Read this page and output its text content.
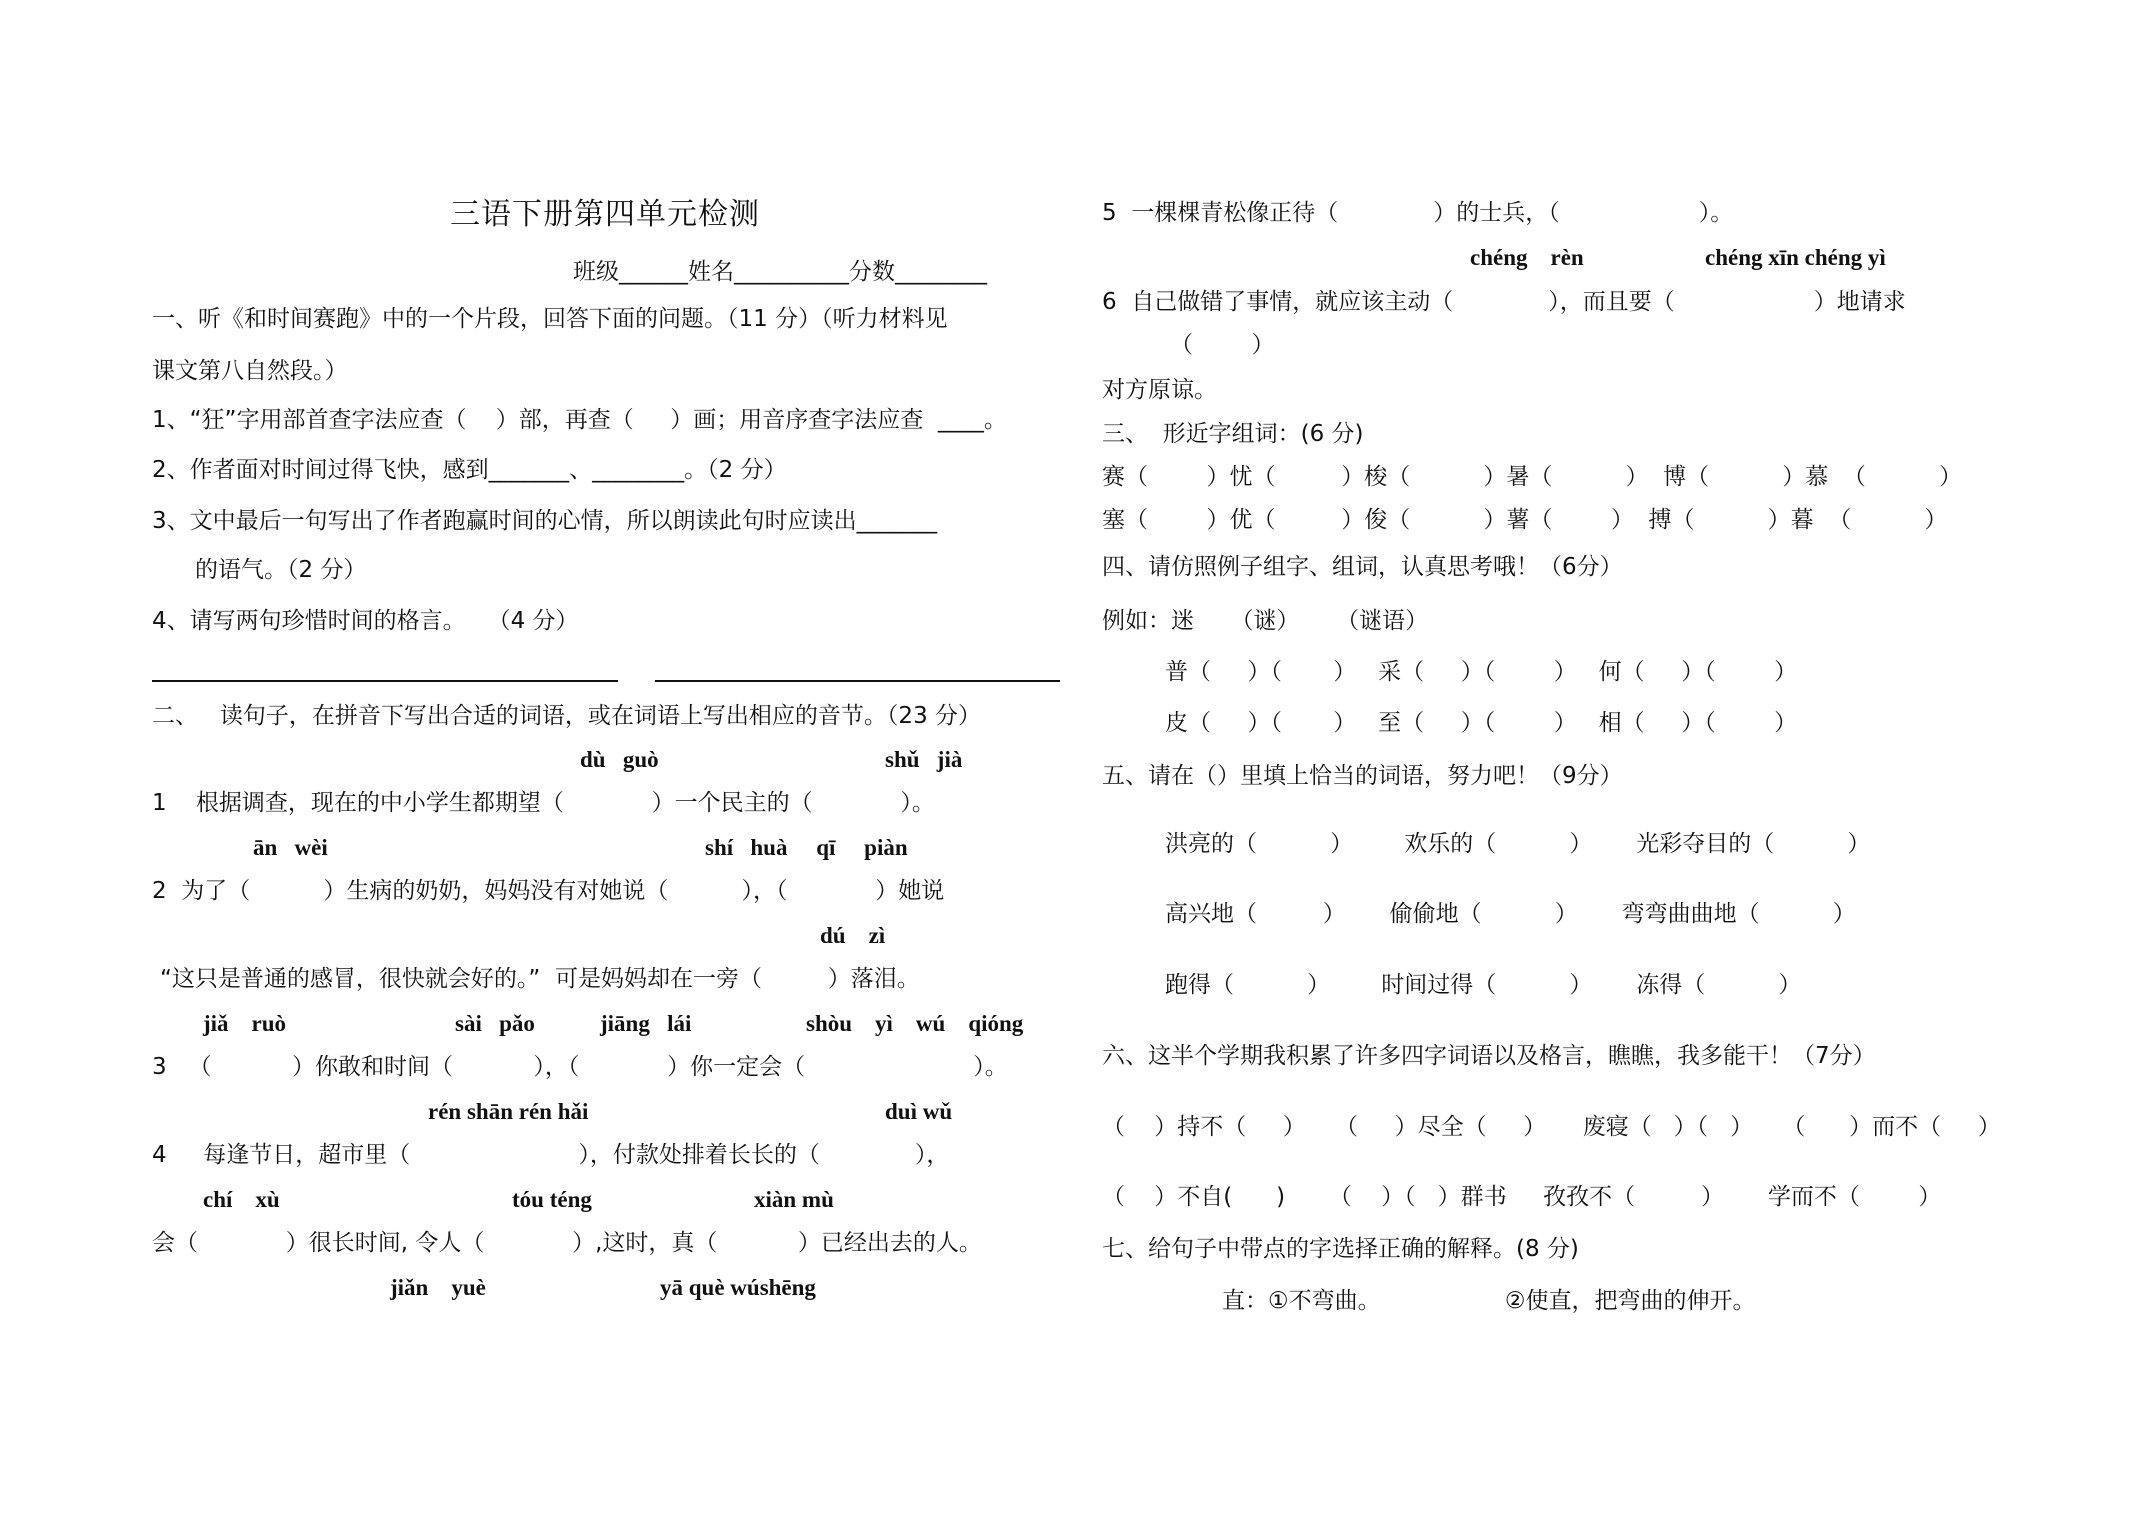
三语下册第四单元检测
班级______姓名__________分数________
一、听《和时间赛跑》中的一个片段，回答下面的问题。（11 分）（听力材料见
课文第八自然段。）
1、“狂”字用部首查字法应查（    ）部，再查（     ）画；用音序查字法应查  ____。
2、作者面对时间过得飞快，感到_______、________。（2 分）
3、文中最后一句写出了作者跑赢时间的心情，所以朗读此句时应读出_______
的语气。（2 分）
4、请写两句珍惜时间的格言。   （4 分）
二、   读句子，在拼音下写出合适的词语，或在词语上写出相应的音节。（23 分）
dù   guò	shǔ   jià
1    根据调查，现在的中小学生都期望（            ）一个民主的（            ）。
ān   wèi	shí   huà     qī     piàn
2  为了（          ）生病的奶奶，妈妈没有对她说（          ），（            ）她说
dú    zì
“这只是普通的感冒，很快就会好的。”  可是妈妈却在一旁（         ）落泪。
jiǎ    ruò	sài   pǎo	jiāng   lái	shòu    yì    wú    qióng
3   （           ）你敢和时间（           ），（            ）你一定会（                       ）。
rén shān rén hǎi	duì wǔ
4     每逢节日，超市里（                       ），付款处排着长长的（             ），
chí    xù	tóu téng	xiàn mù
会（            ）很长时间, 令人（            ）,这时，真（           ）已经出去的人。
jiǎn    yuè	yā què wúshēng
5  一棵棵青松像正待（             ）的士兵，（                   ）。
chéng    rèn	chéng xīn chéng yì
6  自己做错了事情，就应该主动（             ），而且要（                   ）地请求
（        ）
对方原谅。
三、  形近字组词：(6 分)
赛（        ）忧（         ）梭（          ）暑（          ）  博（          ）慕  （          ）
塞（        ）优（         ）俊（          ）薯（        ）  搏（          ）暮  （          ）
四、请仿照例子组字、组词，认真思考哦！（6分）
例如：迷     （谜）     （谜语）
普（     ）（       ）   采（     ）（        ）   何（     ）（        ）
皮（     ）（       ）   至（     ）（        ）   相（     ）（        ）
五、请在（）里填上恰当的词语，努力吧！（9分）
洪亮的（          ）       欢乐的（          ）      光彩夺目的（          ）
高兴地（         ）      偷偷地（          ）      弯弯曲曲地（          ）
跑得（          ）       时间过得（          ）      冻得（          ）
六、这半个学期我积累了许多四字词语以及格言，瞧瞧，我多能干！（7分）
（    ）持不（     ）    （     ）尽全（     ）     废寝（   ）（   ）    （      ）而不（     ）
（    ）不自(      )      （    ）（   ）群书     孜孜不（         ）      学而不（        ）
七、给句子中带点的字选择正确的解释。(8 分)
直：①不弯曲。                 ②使直，把弯曲的伸开。
